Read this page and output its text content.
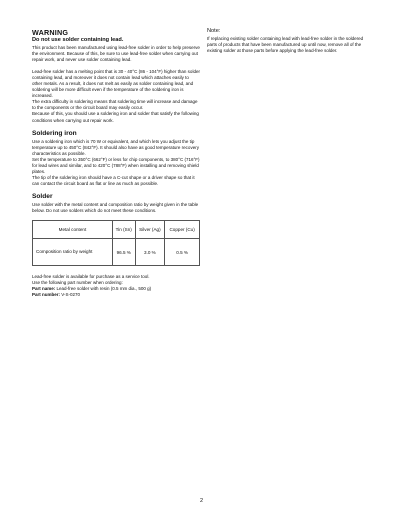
WARNING
Do not use solder containing lead.

This product has been manufactured using lead-free solder in order to help preserve the environment. Because of this, be sure to use lead-free solder when carrying out repair work, and never use solder containing lead.

Lead-free solder has a melting point that is 30 - 40°C (86 - 104°F) higher than solder containing lead, and moreover it does not contain lead which attaches easily to other metals. As a result, it does not melt as easily as solder containing lead, and soldering will be more difficult even if the temperature of the soldering iron is increased.

The extra difficulty in soldering means that soldering time will increase and damage to the components or the circuit board may easily occur.

Because of this, you should use a soldering iron and solder that satisfy the following conditions when carrying out repair work.

Soldering iron

Use a soldering iron which is 70 W or equivalent, and which lets you adjust the tip temperature up to 450°C (842°F). It should also have as good temperature recovery characteristics as possible.

Set the temperature to 350°C (662°F) or less for chip components, to 380°C (716°F) for lead wires and similar, and to 420°C (788°F) when installing and removing shield plates.

The tip of the soldering iron should have a C-cut shape or a driver shape so that it can contact the circuit board as flat or line as much as possible.

Solder

Use solder with the metal content and composition ratio by weight given in the table below. Do not use solders which do not meet these conditions.

Metal content	Tin (Sn)	Silver (Ag)	Copper (Cu)
Composition ratio by weight	96.5 %	3.0 %	0.5 %

Lead-free solder is available for purchase as a service tool.

Use the following part number when ordering:

Part name: Lead-free solder with resin (0.5 mm dia., 500 g)

Part number: V-S-0270

Note:

If replacing existing solder containing lead with lead-free solder in the soldered parts of products that have been manufactured up until now, remove all of the existing solder at those parts before applying the lead-free solder.

2
